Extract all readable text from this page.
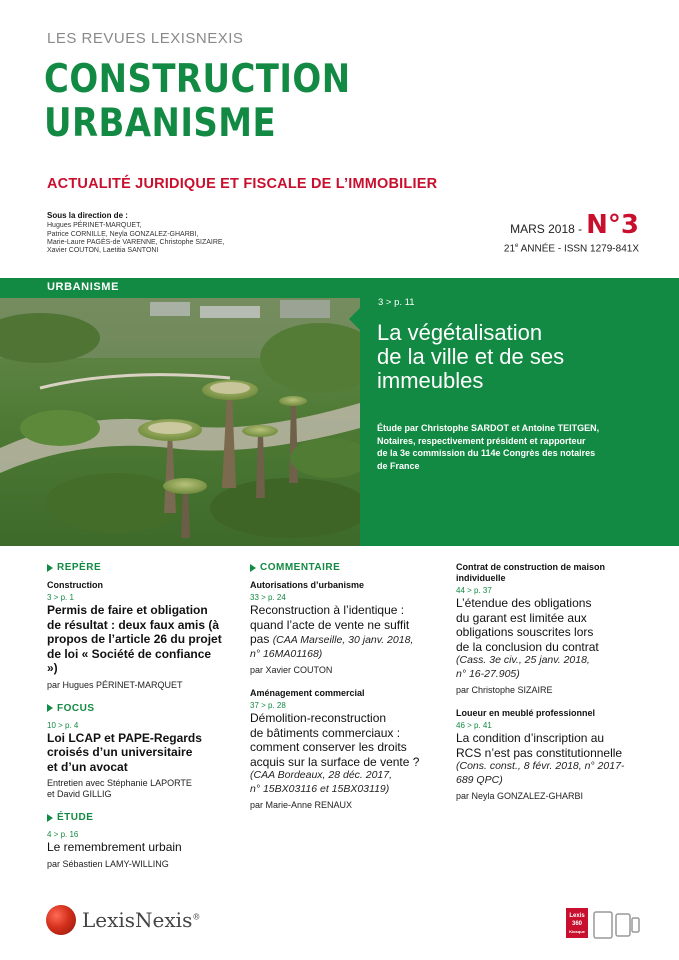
LES REVUES LEXISNEXIS
CONSTRUCTION
URBANISME
ACTUALITÉ JURIDIQUE ET FISCALE DE L’IMMOBILIER
Sous la direction de :
Hugues PÉRINET-MARQUET,
Patrice CORNILLE, Neyla GONZALEZ-GHARBI,
Marie-Laure PAGÈS-de VARENNE, Christophe SIZAIRE,
Xavier COUTON, Laetitia SANTONI
MARS 2018 - N°3
21e ANNÉE - ISSN 1279-841X
URBANISME
3 > p. 11
La végétalisation
de la ville et de ses
immeubles
Étude par Christophe SARDOT et Antoine TEITGEN,
Notaires, respectivement président et rapporteur
de la 3e commission du 114e Congrès des notaires
de France
REPÈRE
Construction
3 > p. 1
Permis de faire et obligation
de résultat : deux faux amis (à
propos de l’article 26 du projet
de loi « Société de confiance »)
par Hugues PÉRINET-MARQUET
FOCUS
10 > p. 4
Loi LCAP et PAPE-Regards
croisés d’un universitaire
et d’un avocat
Entretien avec Stéphanie LAPORTE
et David GILLIG
ÉTUDE
4 > p. 16
Le remembrement urbain
par Sébastien LAMY-WILLING
COMMENTAIRE
Autorisations d’urbanisme
33 > p. 24
Reconstruction à l’identique :
quand l’acte de vente ne suffit
pas (CAA Marseille, 30 janv. 2018,
n° 16MA01168)
par Xavier COUTON
Aménagement commercial
37 > p. 28
Démolition-reconstruction
de bâtiments commerciaux :
comment conserver les droits
acquis sur la surface de vente ?
(CAA Bordeaux, 28 déc. 2017,
n° 15BX03116 et 15BX03119)
par Marie-Anne RENAUX
Contrat de construction de maison
individuelle
44 > p. 37
L’étendue des obligations
du garant est limitée aux
obligations souscrites lors
de la conclusion du contrat
(Cass. 3e civ., 25 janv. 2018,
n° 16-27.905)
par Christophe SIZAIRE
Loueur en meublé professionnel
46 > p. 41
La condition d’inscription au
RCS n’est pas constitutionnelle
(Cons. const., 8 févr. 2018, n° 2017-
689 QPC)
par Neyla GONZALEZ-GHARBI
LexisNexis®	Lexis
360
Kiosque
